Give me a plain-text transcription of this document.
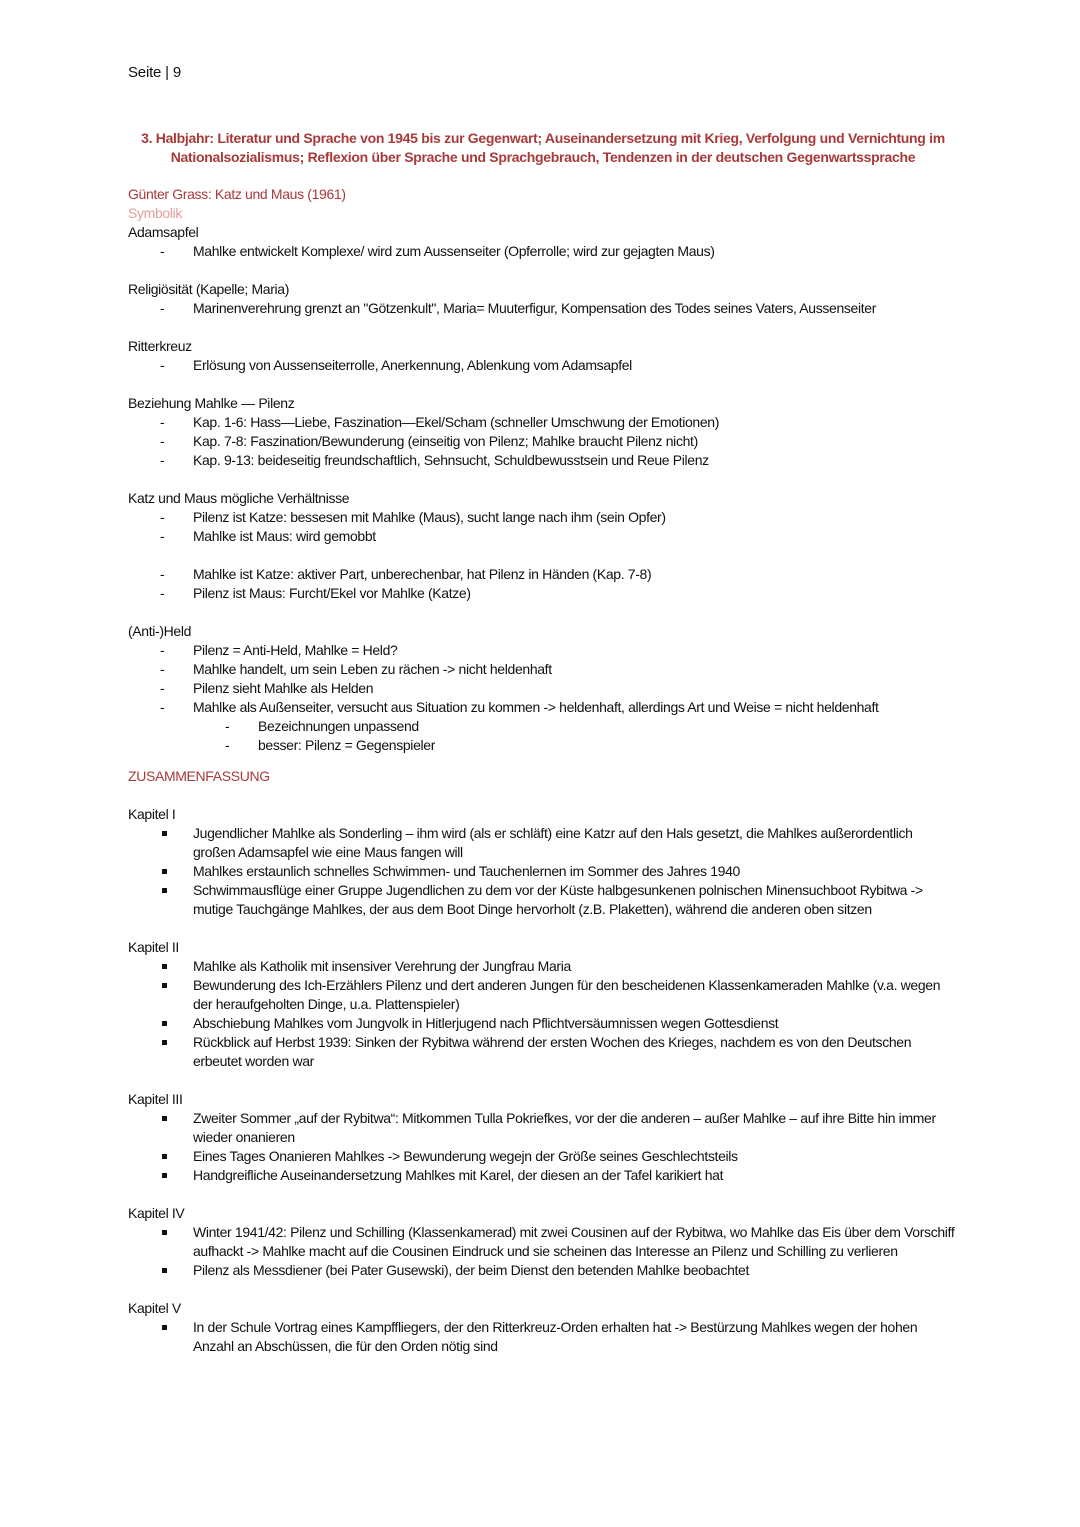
Seite | 9
3. Halbjahr: Literatur und Sprache von 1945 bis zur Gegenwart; Auseinandersetzung mit Krieg, Verfolgung und Vernichtung im
Nationalsozialismus; Reflexion über Sprache und Sprachgebrauch, Tendenzen in der deutschen Gegenwartssprache
Günter Grass: Katz und Maus (1961)
Symbolik
Adamsapfel
- Mahlke entwickelt Komplexe/ wird zum Aussenseiter (Opferrolle; wird zur gejagten Maus)
Religiösität (Kapelle; Maria)
- Marinenverehrung grenzt an "Götzenkult", Maria= Muuterfigur, Kompensation des Todes seines Vaters, Aussenseiter
Ritterkreuz
- Erlösung von Aussenseiterrolle, Anerkennung, Ablenkung vom Adamsapfel
Beziehung Mahlke — Pilenz
- Kap. 1-6: Hass—Liebe, Faszination—Ekel/Scham (schneller Umschwung der Emotionen)
- Kap. 7-8: Faszination/Bewunderung (einseitig von Pilenz; Mahlke braucht Pilenz nicht)
- Kap. 9-13: beideseitig freundschaftlich, Sehnsucht, Schuldbewusstsein und Reue Pilenz
Katz und Maus mögliche Verhältnisse
- Pilenz ist Katze: bessesen mit Mahlke (Maus), sucht lange nach ihm (sein Opfer)
- Mahlke ist Maus: wird gemobbt
- Mahlke ist Katze: aktiver Part, unberechenbar, hat Pilenz in Händen (Kap. 7-8)
- Pilenz ist Maus: Furcht/Ekel vor Mahlke (Katze)
(Anti-)Held
- Pilenz = Anti-Held, Mahlke = Held?
- Mahlke handelt, um sein Leben zu rächen -> nicht heldenhaft
- Pilenz sieht Mahlke als Helden
- Mahlke als Außenseiter, versucht aus Situation zu kommen -> heldenhaft, allerdings Art und Weise = nicht heldenhaft
- Bezeichnungen unpassend
- besser: Pilenz = Gegenspieler
ZUSAMMENFASSUNG
Kapitel I
Jugendlicher Mahlke als Sonderling – ihm wird (als er schläft) eine Katzr auf den Hals gesetzt, die Mahlkes außerordentlich großen Adamsapfel wie eine Maus fangen will
Mahlkes erstaunlich schnelles Schwimmen- und Tauchenlernen im Sommer des Jahres 1940
Schwimmausflüge einer Gruppe Jugendlichen zu dem vor der Küste halbgesunkenen polnischen Minensuchboot Rybitwa -> mutige Tauchgänge Mahlkes, der aus dem Boot Dinge hervorholt (z.B. Plaketten), während die anderen oben sitzen
Kapitel II
Mahlke als Katholik mit insensiver Verehrung der Jungfrau Maria
Bewunderung des Ich-Erzählers Pilenz und dert anderen Jungen für den bescheidenen Klassenkameraden Mahlke (v.a. wegen der heraufgeholten Dinge, u.a. Plattenspieler)
Abschiebung Mahlkes vom Jungvolk in Hitlerjugend nach Pflichtversäumnissen wegen Gottesdienst
Rückblick auf Herbst 1939: Sinken der Rybitwa während der ersten Wochen des Krieges, nachdem es von den Deutschen erbeutet worden war
Kapitel III
Zweiter Sommer „auf der Rybitwa“: Mitkommen Tulla Pokriefkes, vor der die anderen – außer Mahlke – auf ihre Bitte hin immer wieder onanieren
Eines Tages Onanieren Mahlkes -> Bewunderung wegejn der Größe seines Geschlechtsteils
Handgreifliche Auseinandersetzung Mahlkes mit Karel, der diesen an der Tafel karikiert hat
Kapitel IV
Winter 1941/42: Pilenz und Schilling (Klassenkamerad) mit zwei Cousinen auf der Rybitwa, wo Mahlke das Eis über dem Vorschiff aufhackt -> Mahlke macht auf die Cousinen Eindruck und sie scheinen das Interesse an Pilenz und Schilling zu verlieren
Pilenz als Messdiener (bei Pater Gusewski), der beim Dienst den betenden Mahlke beobachtet
Kapitel V
In der Schule Vortrag eines Kampffliegers, der den Ritterkreuz-Orden erhalten hat -> Bestürzung Mahlkes wegen der hohen Anzahl an Abschüssen, die für den Orden nötig sind
